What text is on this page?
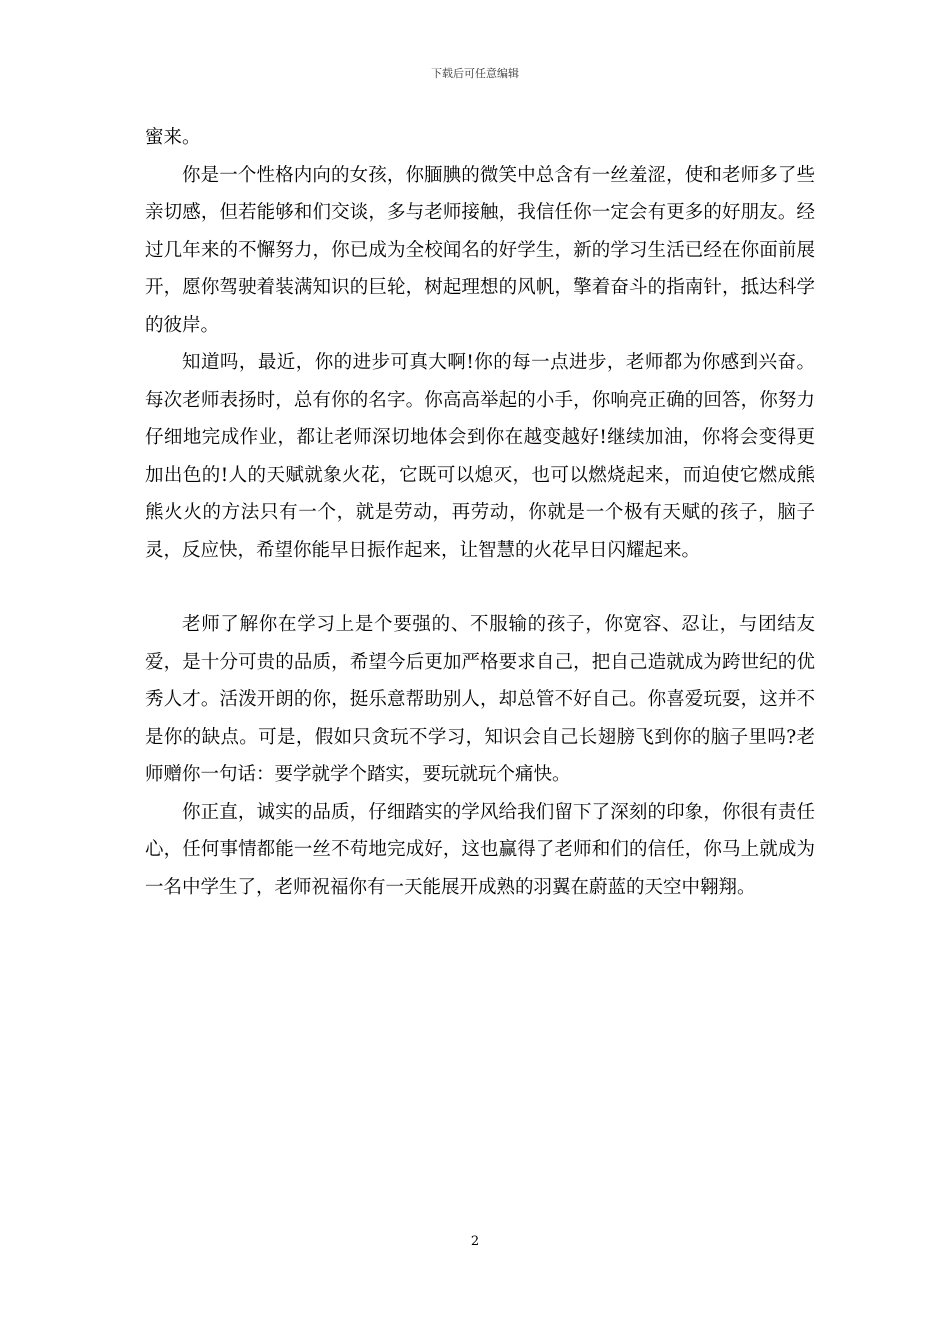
下载后可任意编辑

蜜来。

你是一个性格内向的女孩，你腼腆的微笑中总含有一丝羞涩，使和老师多了些亲切感，但若能够和们交谈，多与老师接触，我信任你一定会有更多的好朋友。经过几年来的不懈努力，你已成为全校闻名的好学生，新的学习生活已经在你面前展开，愿你驾驶着装满知识的巨轮，树起理想的风帆，擎着奋斗的指南针，抵达科学的彼岸。

知道吗，最近，你的进步可真大啊!你的每一点进步，老师都为你感到兴奋。每次老师表扬时，总有你的名字。你高高举起的小手，你响亮正确的回答，你努力仔细地完成作业，都让老师深切地体会到你在越变越好!继续加油，你将会变得更加出色的!人的天赋就象火花，它既可以熄灭，也可以燃烧起来，而迫使它燃成熊熊火火的方法只有一个，就是劳动，再劳动，你就是一个极有天赋的孩子，脑子灵，反应快，希望你能早日振作起来，让智慧的火花早日闪耀起来。

老师了解你在学习上是个要强的、不服输的孩子，你宽容、忍让，与团结友爱，是十分可贵的品质，希望今后更加严格要求自己，把自己造就成为跨世纪的优秀人才。活泼开朗的你，挺乐意帮助别人，却总管不好自己。你喜爱玩耍，这并不是你的缺点。可是，假如只贪玩不学习，知识会自己长翅膀飞到你的脑子里吗?老师赠你一句话：要学就学个踏实，要玩就玩个痛快。

你正直，诚实的品质，仔细踏实的学风给我们留下了深刻的印象，你很有责任心，任何事情都能一丝不苟地完成好，这也赢得了老师和们的信任，你马上就成为一名中学生了，老师祝福你有一天能展开成熟的羽翼在蔚蓝的天空中翱翔。

2
